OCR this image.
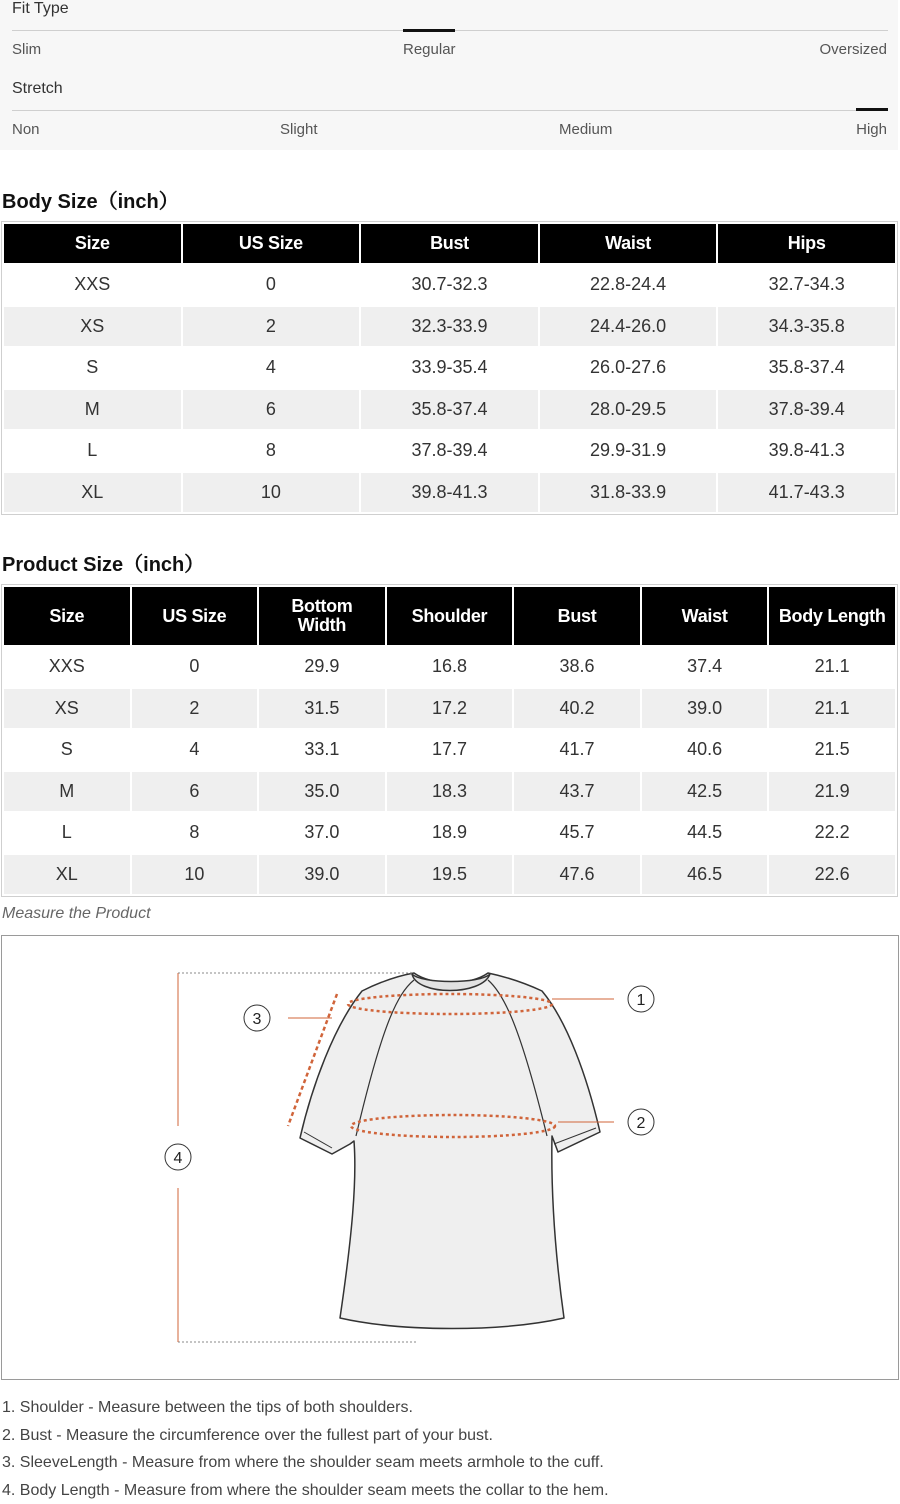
Fit Type
Slim	Regular	Oversized
Stretch
Non	Slight	Medium	High
Body Size（inch）
Size	US Size	Bust	Waist	Hips
XXS	0	30.7-32.3	22.8-24.4	32.7-34.3
XS	2	32.3-33.9	24.4-26.0	34.3-35.8
S	4	33.9-35.4	26.0-27.6	35.8-37.4
M	6	35.8-37.4	28.0-29.5	37.8-39.4
L	8	37.8-39.4	29.9-31.9	39.8-41.3
XL	10	39.8-41.3	31.8-33.9	41.7-43.3
Product Size（inch）
Size	US Size	Bottom Width	Shoulder	Bust	Waist	Body Length
XXS	0	29.9	16.8	38.6	37.4	21.1
XS	2	31.5	17.2	40.2	39.0	21.1
S	4	33.1	17.7	41.7	40.6	21.5
M	6	35.0	18.3	43.7	42.5	21.9
L	8	37.0	18.9	45.7	44.5	22.2
XL	10	39.0	19.5	47.6	46.5	22.6
Measure the Product
1
2
3
4
1. Shoulder - Measure between the tips of both shoulders.
2. Bust - Measure the circumference over the fullest part of your bust.
3. SleeveLength - Measure from where the shoulder seam meets armhole to the cuff.
4. Body Length - Measure from where the shoulder seam meets the collar to the hem.
